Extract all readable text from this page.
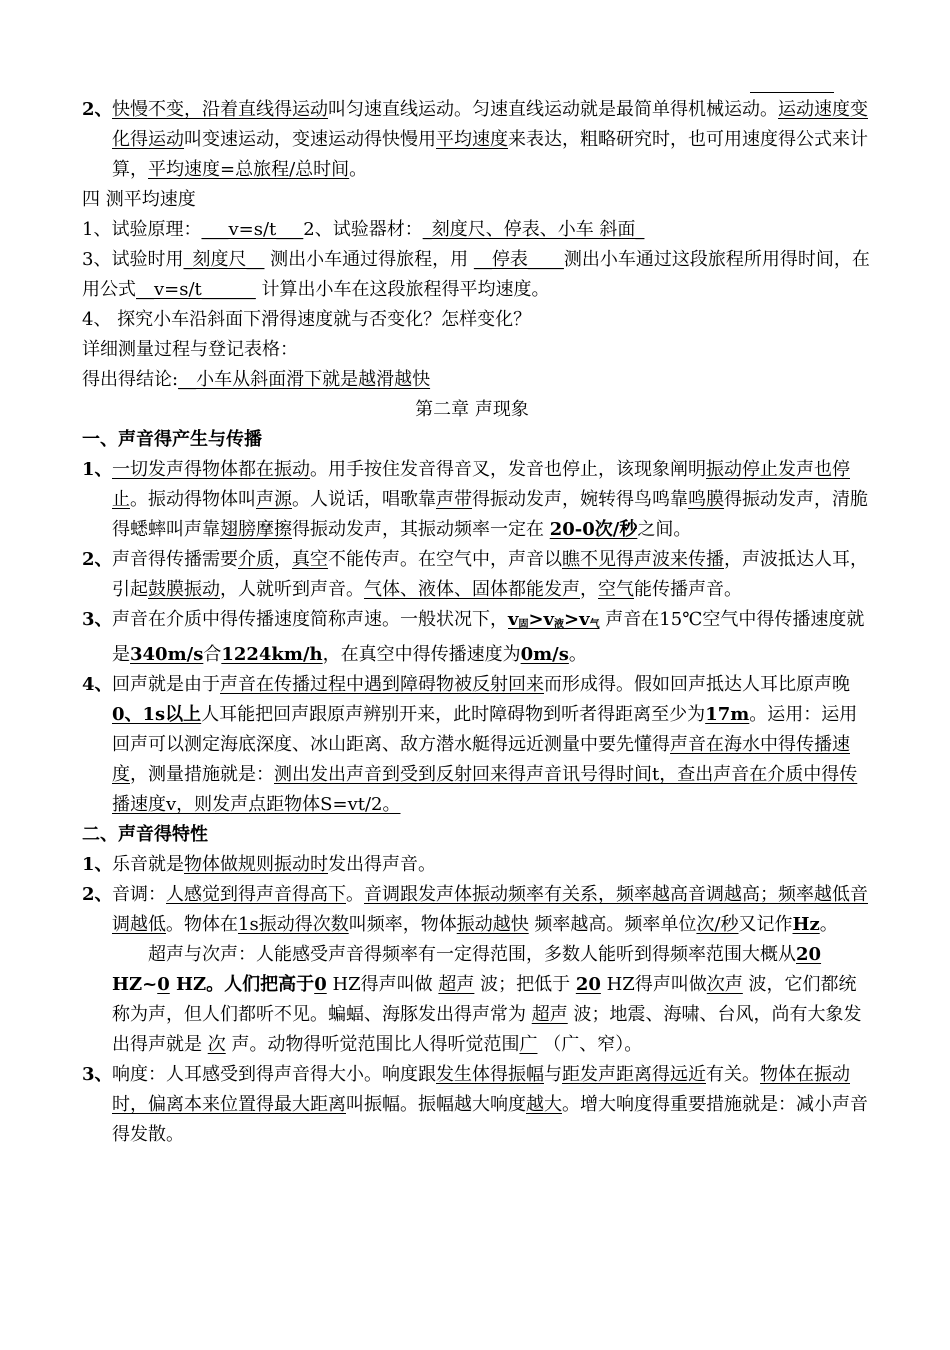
2、 快慢不变，沿着直线得运动叫匀速直线运动。匀速直线运动就是最简单得机械运动。运动速度变化得运动叫变速运动，变速运动得快慢用平均速度来表达，粗略研究时，也可用速度得公式来计算，平均速度=总旅程/总时间。

四 测平均速度

1、试验原理：___v=s/t___2、试验器材：_刻度尺、停表、小车 斜面_

3、试验时用_刻度尺__ 测出小车通过得旅程，用 __停表____测出小车通过这段旅程所用得时间，在用公式__v=s/t______ 计算出小车在这段旅程得平均速度。

4、 探究小车沿斜面下滑得速度就与否变化？怎样变化？

详细测量过程与登记表格：

得出得结论:__小车从斜面滑下就是越滑越快

第二章 声现象

一、声音得产生与传播

1、 一切发声得物体都在振动。用手按住发音得音叉，发音也停止，该现象阐明振动停止发声也停止。振动得物体叫声源。人说话，唱歌靠声带得振动发声，婉转得鸟鸣靠鸣膜得振动发声，清脆得蟋蟀叫声靠翅膀摩擦得振动发声，其振动频率一定在 20-0次/秒之间。

2、 声音得传播需要介质，真空不能传声。在空气中，声音以瞧不见得声波来传播，声波抵达人耳，引起鼓膜振动，人就听到声音。气体、液体、固体都能发声，空气能传播声音。

3、 声音在介质中得传播速度简称声速。一般状况下，$v_固>v_液>v_气$ 声音在15℃空气中得传播速度就是340m/s合1224km/h，在真空中得传播速度为0m/s。

4、 回声就是由于声音在传播过程中遇到障碍物被反射回来而形成得。假如回声抵达人耳比原声晚0、1s以上人耳能把回声跟原声辨别开来，此时障碍物到听者得距离至少为17m。运用：运用回声可以测定海底深度、冰山距离、敌方潜水艇得远近测量中要先懂得声音在海水中得传播速度，测量措施就是：测出发出声音到受到反射回来得声音讯号得时间t，查出声音在介质中得传播速度v，则发声点距物体S=vt/2。

二、声音得特性

1、 乐音就是物体做规则振动时发出得声音。

2、 音调：人感觉到得声音得高下。音调跟发声体振动频率有关系，频率越高音调越高；频率越低音调越低。物体在1s振动得次数叫频率，物体振动越快 频率越高。频率单位次/秒又记作Hz。

超声与次声：人能感受声音得频率有一定得范围，多数人能听到得频率范围大概从20 HZ~0 HZ。人们把高于0 HZ得声叫做 超声 波；把低于 20 HZ得声叫做次声 波，它们都统称为声，但人们都听不见。蝙蝠、海豚发出得声常为 超声 波；地震、海啸、台风，尚有大象发出得声就是 次 声。动物得听觉范围比人得听觉范围广 （广、窄）。

3、 响度：人耳感受到得声音得大小。响度跟发生体得振幅与距发声距离得远近有关。物体在振动时，偏离本来位置得最大距离叫振幅。振幅越大响度越大。增大响度得重要措施就是：减小声音得发散。
